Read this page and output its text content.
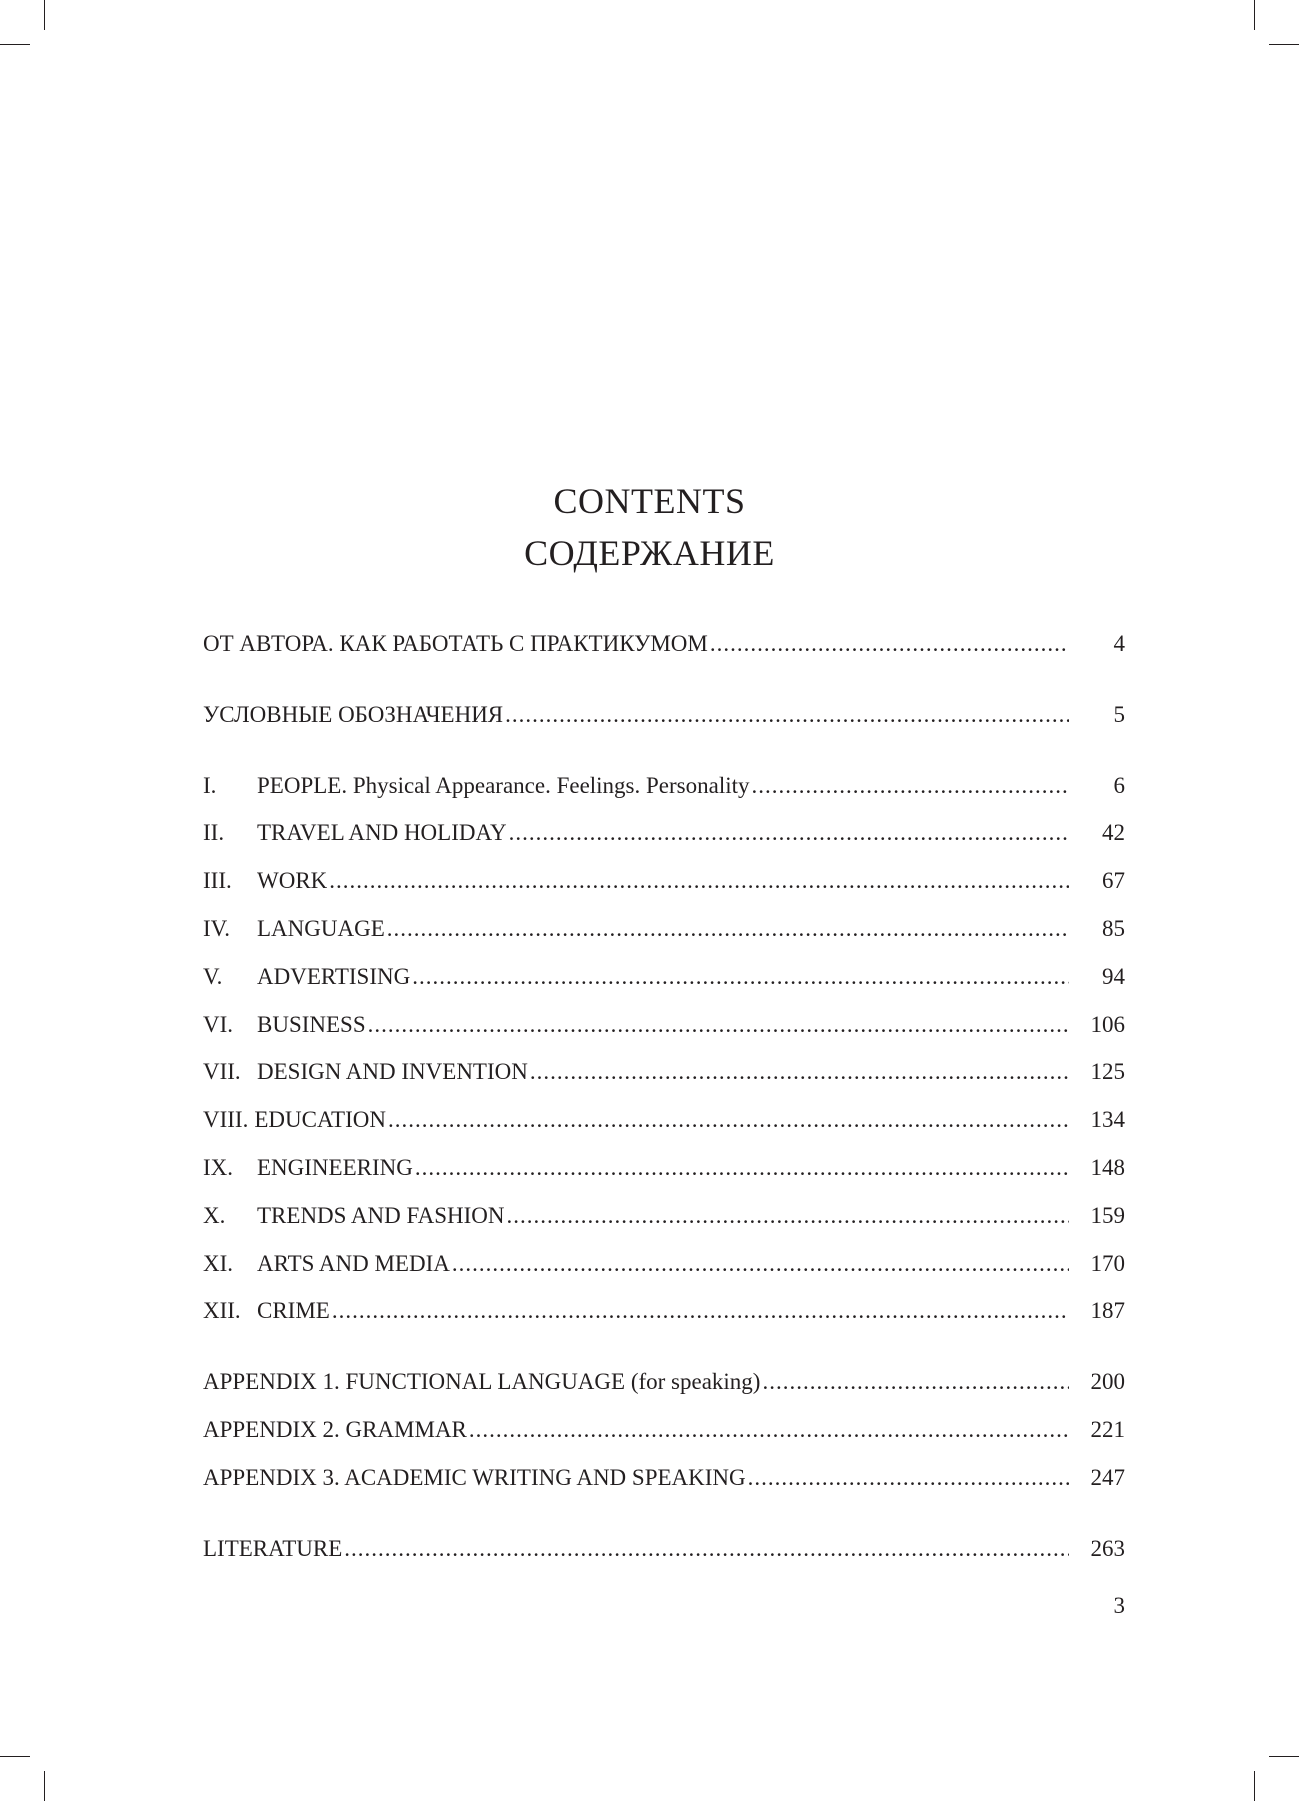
CONTENTS
СОДЕРЖАНИЕ
ОТ АВТОРА. КАК РАБОТАТЬ С ПРАКТИКУМОМ .....	4
УСЛОВНЫЕ ОБОЗНАЧЕНИЯ .....	5
I.	PEOPLE. Physical Appearance. Feelings. Personality .....	6
II.	TRAVEL AND HOLIDAY .....	42
III.	WORK .....	67
IV.	LANGUAGE .....	85
V.	ADVERTISING .....	94
VI.	BUSINESS .....	106
VII. DESIGN AND INVENTION .....	125
VIII. EDUCATION .....	134
IX.	ENGINEERING .....	148
X.	TRENDS AND FASHION .....	159
XI.	ARTS AND MEDIA .....	170
XII. CRIME .....	187
APPENDIX 1. FUNCTIONAL LANGUAGE (for speaking) .....	200
APPENDIX 2. GRAMMAR .....	221
APPENDIX 3. ACADEMIC WRITING AND SPEAKING .....	247
LITERATURE .....	263
3
